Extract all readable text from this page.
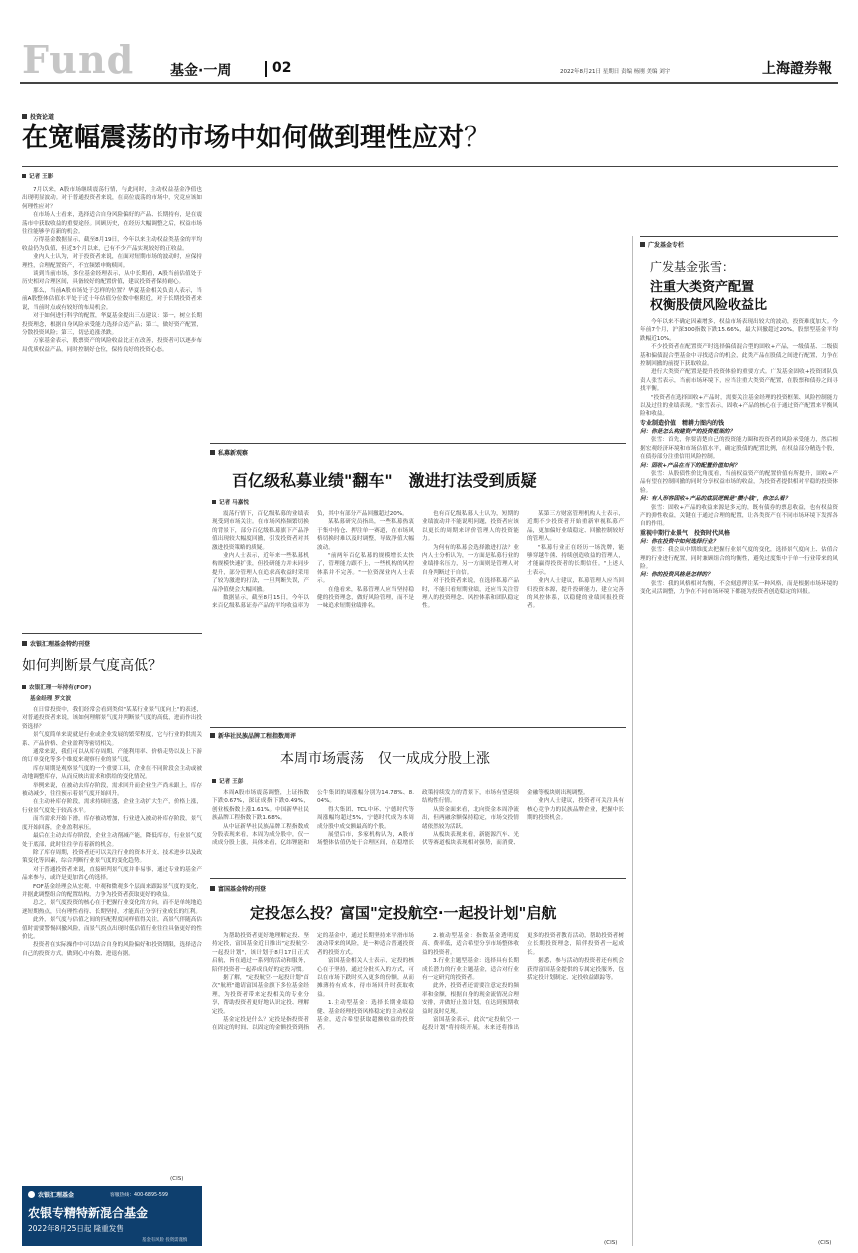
Fund	基金·一周	02	2022年8月21日 星期日 责编 杨刚 美编 刘宇	上海證券報
投资论道
在宽幅震荡的市场中如何做到理性应对？
记者 王影

7月以来，A股市场继续震荡行情，与此同时，主动权益基金净值也出现明显波动。对于普通投资者来说，在高位震荡的市场中，究竟应该如何理性应对？

在市场人士看来，选择适合自身风险偏好的产品、长期持有，是在震荡市中获取收益的重要途径。回顾历史，在经历大幅调整之后，权益市场往往能够孕育新的机会。

万得基金数据显示，截至8月19日，今年以来主动权益类基金的平均收益仍为负值，但近3个月以来，已有不少产品实现较好的正收益。

业内人士认为，对于投资者来说，在面对短期市场的波动时，应保持理性，合理配置资产，不宜频繁申购赎回。

谈到当前市场，多位基金经理表示，从中长期看，A股当前估值处于历史相对合理区间，具备较好的配置价值，建议投资者保持耐心。

那么，当前A股市场处于怎样的位置？华夏基金相关负责人表示，当前A股整体估值水平处于近十年估值分位数中枢附近，对于长期投资者来说，当前时点或有较好的布局机会。

对于如何进行科学的配置，华夏基金提出三点建议：第一，树立长期投资理念，根据自身风险承受能力选择合适产品；第二，做好资产配置，分散投资风险；第三，切忌追涨杀跌。

万家基金表示，股票资产的风险收益比正在改善，投资者可以逐步布局优质权益产品，同时控制好仓位，保持良好的投资心态。

农银汇理基金特约刊登
如何判断景气度高低？
农银汇理一年持有(FOF)
基金经理 罗文波

在日常投资中，我们经常会看到类似"某某行业景气度向上"的表述，对普通投资者来说，该如何理解景气度并判断景气度的高低，进而作出投资选择？

景气度简单来说就是行业或企业发展的繁荣程度，它与行业的供需关系、产品价格、企业盈利等密切相关。

通常来说，我们可以从库存周期、产能利用率、价格走势以及上下游的订单变化等多个维度来观察行业的景气度。

库存周期是观察景气度的一个重要工具，企业在不同阶段会主动或被动地调整库存，从而反映出需求和供给的变化情况。

举例来说，在被动去库存阶段，需求回升而企业生产尚未跟上，库存被动减少，往往预示着景气度开始回升。

在主动补库存阶段，需求持续旺盛，企业主动扩大生产，价格上涨，行业景气度处于较高水平。

而当需求开始下滑，库存被动增加，行业进入被动补库存阶段，景气度开始回落，企业盈利承压。

最后在主动去库存阶段，企业主动削减产能，降低库存，行业景气度处于底部，此时往往孕育着新的机会。

除了库存周期，投资者还可以关注行业的资本开支、技术进步以及政策变化等因素，综合判断行业景气度的变化趋势。

对于普通投资者来说，直接研判景气度并非易事，通过专业的基金产品来参与，或许是更加省心的选择。

FOF基金经理会从宏观、中观和微观多个层面来跟踪景气度的变化，并据此调整组合的配置结构，力争为投资者获取更好的收益。

总之，景气度投资的核心在于把握行业变化的方向，而不是单纯地追逐短期热点，只有理性看待、长期坚持，才能真正分享行业成长的红利。

此外，景气度与估值之间的匹配程度同样值得关注，高景气伴随高估值时需要警惕回撤风险，而景气拐点出现时低估值行业往往具备更好的性价比。

投资者在实际操作中可以结合自身的风险偏好和投资期限，选择适合自己的投资方式，做到心中有数、进退有据。

(CIS)
农银汇理基金	客服热线：400-6895-599
农银专精特新混合基金
2022年8月25日起 隆重发售
基金有风险 投资需谨慎
私募新观察
百亿级私募业绩"翻车"　激进打法受到质疑
记者 马嘉悦

震荡行情下，百亿级私募的业绩表现受到市场关注。在市场风格频繁切换的背景下，部分百亿级私募旗下产品净值出现较大幅度回撤，引发投资者对其激进投资策略的质疑。

业内人士表示，近年来一些私募机构规模快速扩张，但投研能力并未同步提升，部分管理人在追求高收益时采用了较为激进的打法，一旦判断失误，产品净值便会大幅回撤。

数据显示，截至8月15日，今年以来百亿级私募证券产品的平均收益率为负，其中有部分产品回撤超过20%。

某私募研究员指出，一些私募热衷于集中持仓、押注单一赛道，在市场风格切换时难以及时调整，导致净值大幅波动。

"前两年百亿私募的规模增长太快了，管理能力跟不上，一些机构的风控体系并不完善。"一位资深业内人士表示。

在他看来，私募管理人应当坚持稳健的投资理念，做好风险管理，而不是一味追求短期业绩排名。

也有百亿级私募人士认为，短期的业绩波动并不能说明问题，投资者应该以更长的周期来评价管理人的投资能力。

为何有的私募会选择激进打法？业内人士分析认为，一方面是私募行业的业绩排名压力，另一方面则是管理人对自身判断过于自信。

对于投资者来说，在选择私募产品时，不能只看短期业绩，还应当关注管理人的投资理念、风控体系和团队稳定性。

某第三方财富管理机构人士表示，近期不少投资者开始重新审视私募产品，更加偏好业绩稳定、回撤控制较好的管理人。

"私募行业正在经历一场洗牌，能够穿越牛熊、持续创造收益的管理人，才能赢得投资者的长期信任。"上述人士表示。

业内人士建议，私募管理人应当回归投资本源，提升投研能力，建立完善的风控体系，以稳健的业绩回报投资者。

新华社民族品牌工程指数周评
本周市场震荡　仅一成成分股上涨
记者 王彭

本周A股市场震荡调整，上证指数下跌0.67%，深证成指下跌0.49%，创业板指数上涨1.61%。中国新华社民族品牌工程指数下跌1.68%。

从中证新华社民族品牌工程指数成分股表现来看，本周为成分股中，仅一成成分股上涨，具体来看，亿纬锂能和公牛集团的周涨幅分别为14.78%、8.04%。

得大集团、TCL中环、宁德时代等周涨幅均超过5%，宁德时代成为本周成分股中成交额最高的个股。

展望后市，多家机构认为，A股市场整体估值仍处于合理区间，在稳增长政策持续发力的背景下，市场有望延续结构性行情。

从资金面来看，北向资金本周净流出，但两融余额保持稳定，市场交投情绪依然较为活跃。

从板块表现来看，新能源汽车、光伏等赛道板块表现相对强势，而消费、金融等板块则出现调整。

业内人士建议，投资者可关注具有核心竞争力的民族品牌企业，把握中长期的投资机会。

富国基金特约刊登
定投怎么投？富国"定投航空·一起投计划"启航

为帮助投资者更好地理解定投、坚持定投，富国基金近日推出"定投航空·一起投计划"，该计划于8月17日正式启航，旨在通过一系列的活动和服务，陪伴投资者一起养成良好的定投习惯。

据了解，"定投航空·一起投计划"首次"航班"邀请富国基金旗下多位基金经理，为投资者带来定投相关的专业分享，帮助投资者更好地认识定投、理解定投。

基金定投是什么？定投是指投资者在固定的时间、以固定的金额投资到指定的基金中，通过长期坚持来平滑市场波动带来的风险，是一种适合普通投资者的投资方式。

富国基金相关人士表示，定投的核心在于坚持，通过分批买入的方式，可以在市场下跌时买入更多的份额，从而摊薄持有成本，待市场回升时获取收益。

1.主动型基金：选择长期业绩稳健、基金经理投资风格稳定的主动权益基金，适合希望获取超额收益的投资者。

2.被动型基金：指数基金透明度高、费率低，适合希望分享市场整体收益的投资者。

3.行业主题型基金：选择具有长期成长潜力的行业主题基金，适合对行业有一定研究的投资者。

此外，投资者还需要注意定投的频率和金额，根据自身的现金流情况合理安排，并做好止盈计划，在达到预期收益时及时兑现。

富国基金表示，此次"定投航空·一起投计划"将持续开展，未来还将推出更多的投资者教育活动，帮助投资者树立长期投资理念，陪伴投资者一起成长。

据悉，参与活动的投资者还有机会获得富国基金提供的专属定投服务，包括定投计划制定、定投收益跟踪等。

(CIS)
广发基金专栏
广发基金张雪：
注重大类资产配置
权衡股债风险收益比

今年以来不确定因素增多，权益市场表现出较大的波动，投资难度加大。今年前7个月，沪深300指数下跌15.66%，最大回撤超过20%，股票型基金平均跌幅近10%。

不少投资者在配置资产时选择偏债混合型的固收+产品，一级债基、二级债基和偏债混合型基金中寻找适合的机会，此类产品在股债之间进行配置，力争在控制回撤的前提下获取收益。

进行大类资产配置是提升投资体验的重要方式。广发基金固收+投资团队负责人张雪表示，当前市场环境下，应当注重大类资产配置，在股票和债券之间寻找平衡。

"投资者在选择固收+产品时，需要关注基金经理的投资框架、风险控制能力以及过往的业绩表现。"张雪表示，固收+产品的核心在于通过资产配置来平衡风险和收益。

专业制造价值　精耕力图内的钱

问：你是怎么构建资产的投资框架的？

张雪：首先，你要清楚自己的投资能力圈和投资者的风险承受能力，然后根据宏观经济环境和市场估值水平，确定股债的配置比例，在权益部分精选个股，在债券部分注重信用风险控制。

问：固收+产品在当下的配置价值如何？

张雪：从股债性价比角度看，当前权益资产的配置价值有所提升，固收+产品有望在控制回撤的同时分享权益市场的收益，为投资者提供相对平稳的投资体验。

问：有人形容固收+产品的底层逻辑是"攒小钱"，你怎么看？

张雪：固收+产品的收益来源是多元的，既有债券的票息收益，也有权益资产的弹性收益，关键在于通过合理的配置，让各类资产在不同市场环境下发挥各自的作用。

重视中期行业景气　投资时代风格

问：你在投资中如何选择行业？

张雪：我会从中期维度去把握行业景气度的变化，选择景气度向上、估值合理的行业进行配置，同时兼顾组合的均衡性，避免过度集中于单一行业带来的风险。

问：你的投资风格是怎样的？

张雪：我的风格相对均衡，不会刻意押注某一种风格，而是根据市场环境的变化灵活调整，力争在不同市场环境下都能为投资者创造稳定的回报。

(CIS)
